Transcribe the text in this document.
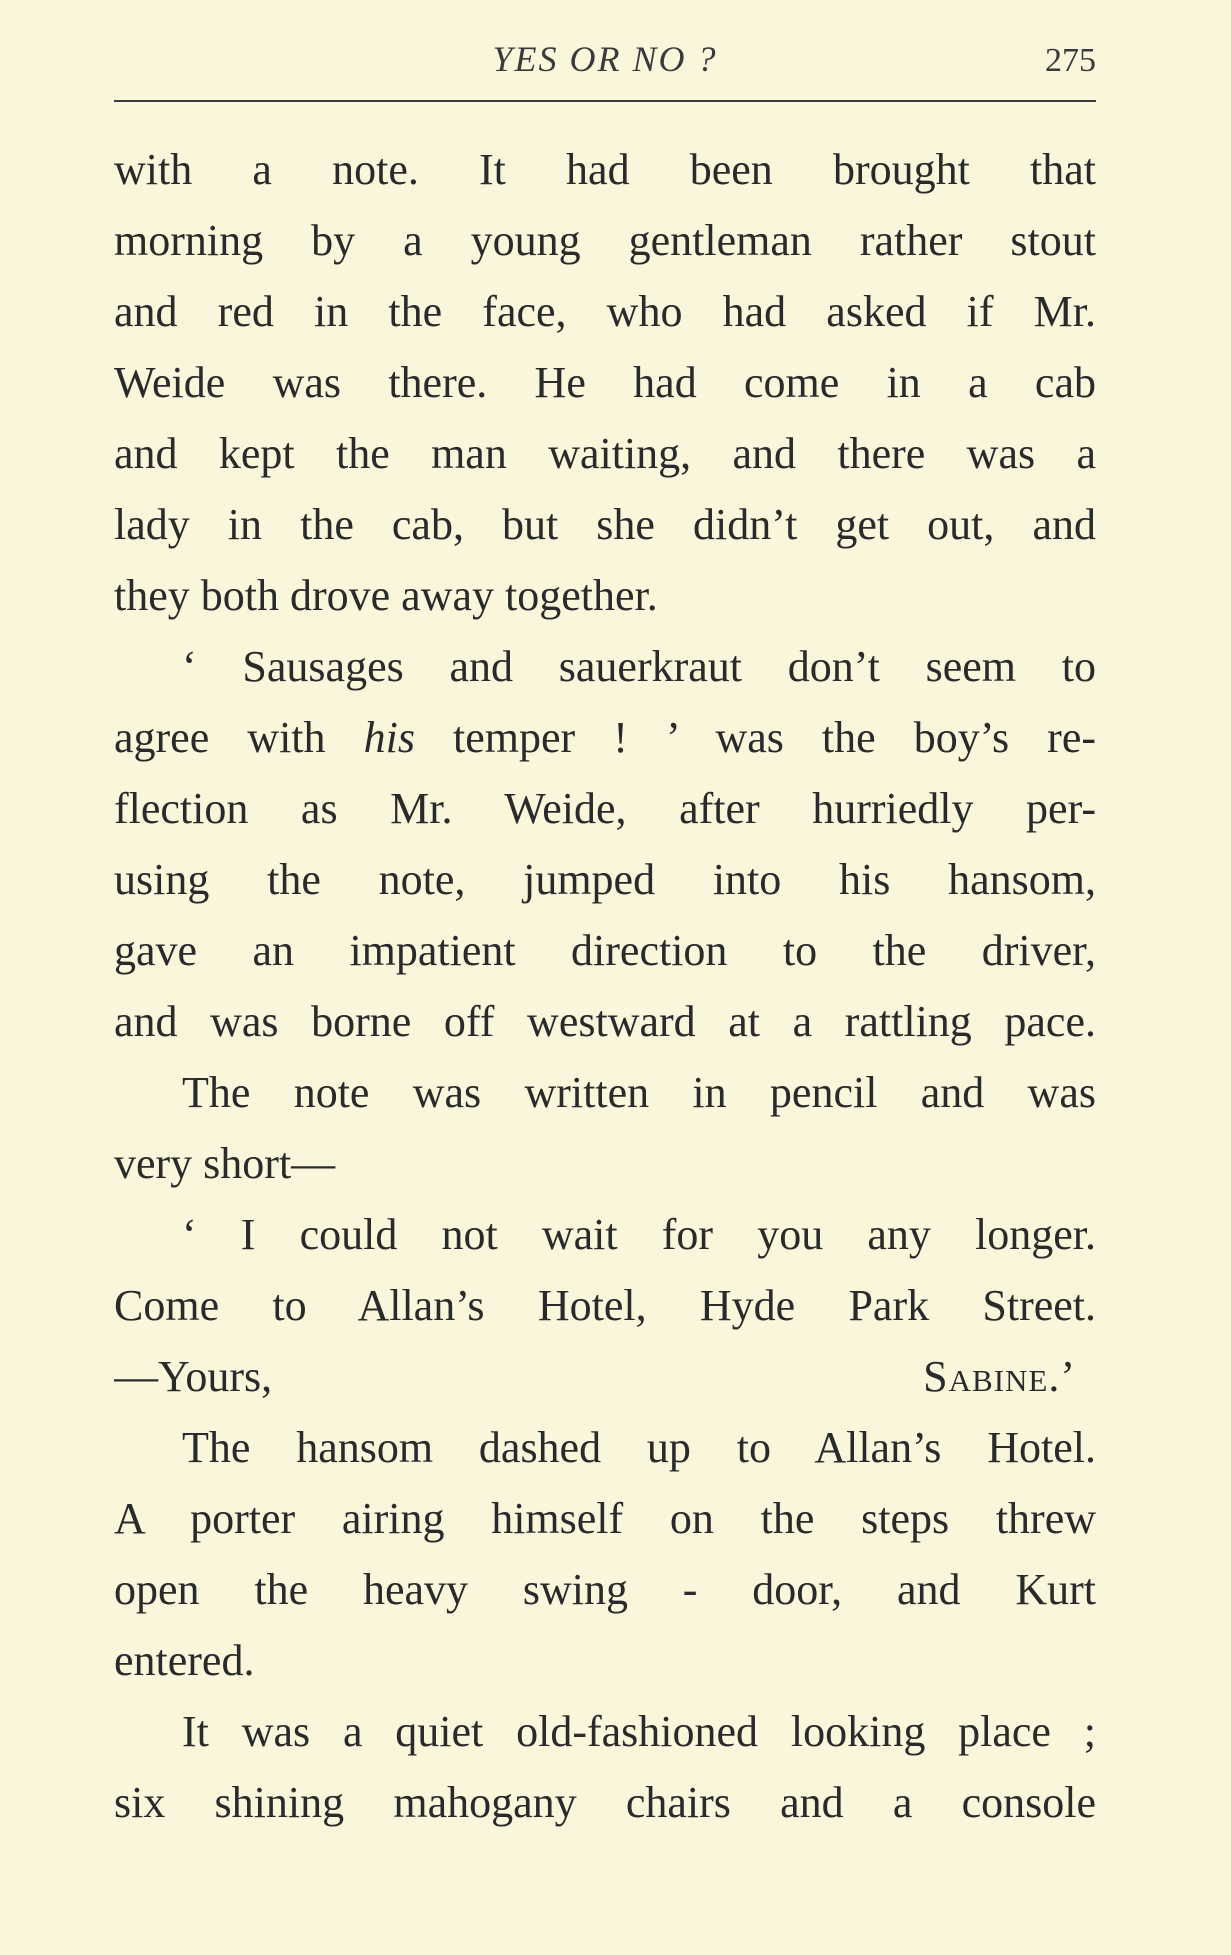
YES OR NO ?	275
with a note. It had been brought that
morning by a young gentleman rather stout
and red in the face, who had asked if Mr.
Weide was there. He had come in a cab
and kept the man waiting, and there was a
lady in the cab, but she didn’t get out, and
they both drove away together.
‘ Sausages and sauerkraut don’t seem to
agree with his temper ! ’ was the boy’s re-
flection as Mr. Weide, after hurriedly per-
using the note, jumped into his hansom,
gave an impatient direction to the driver,
and was borne off westward at a rattling pace.
The note was written in pencil and was
very short—
‘ I could not wait for you any longer.
Come to Allan’s Hotel, Hyde Park Street.
—Yours,	Sabine.’
The hansom dashed up to Allan’s Hotel.
A porter airing himself on the steps threw
open the heavy swing - door, and Kurt
entered.
It was a quiet old-fashioned looking place ;
six shining mahogany chairs and a console
